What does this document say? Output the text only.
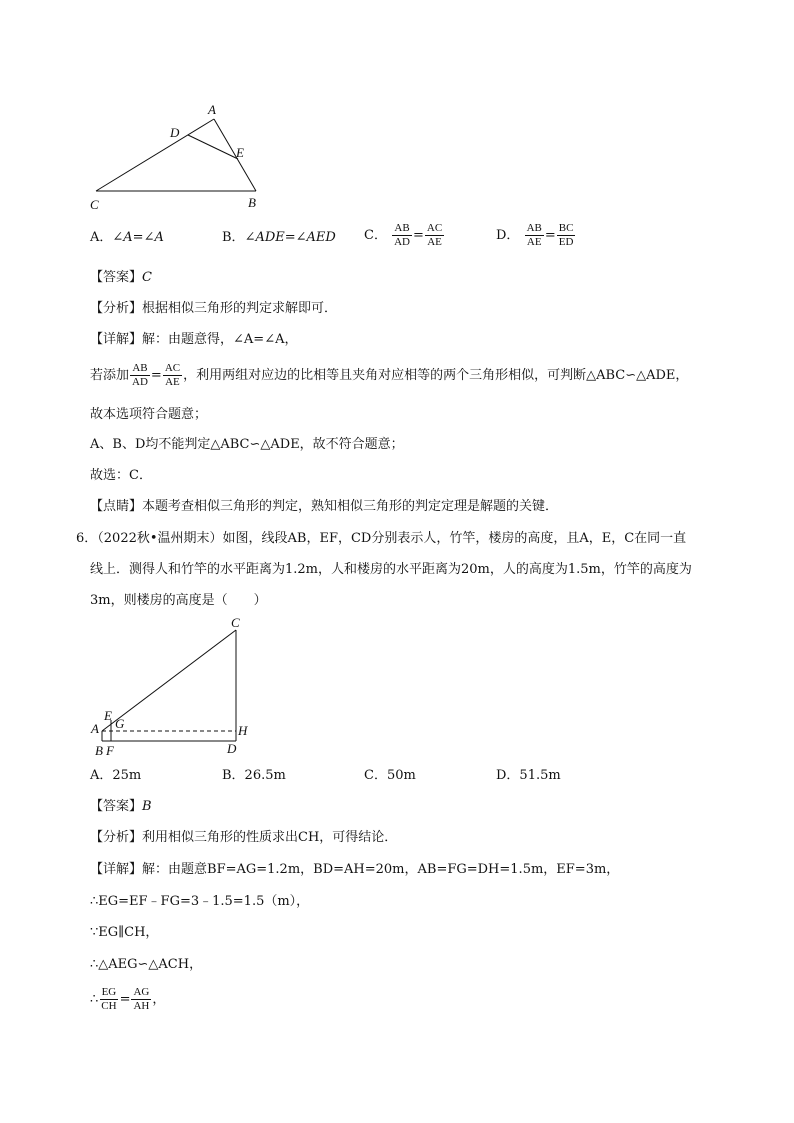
A
D
E
C	B
A．∠A=∠A	B．∠ADE=∠AED C． $\frac{AB}{AD} = \frac{AC}{AE}$	D． $\frac{AB}{AE} = \frac{BC}{ED}$
【答案】C
【分析】根据相似三角形的判定求解即可．
【详解】解：由题意得，∠A=∠A，
若添加 $\frac{AB}{AD} = \frac{AC}{AE}$ ，利用两组对应边的比相等且夹角对应相等的两个三角形相似，可判断△ABC∽△ADE，
故本选项符合题意；
A、B、D均不能判定△ABC∽△ADE，故不符合题意；
故选：C．
【点睛】本题考查相似三角形的判定，熟知相似三角形的判定定理是解题的关键．
6．（2022秋•温州期末）如图，线段AB，EF，CD分别表示人，竹竿，楼房的高度，且A，E，C在同一直
线上．测得人和竹竿的水平距离为1.2m，人和楼房的水平距离为20m，人的高度为1.5m，竹竿的高度为
3m，则楼房的高度是（　　）
C
E
G
A	H
B F	D
A．25m	B．26.5m	C．50m	D．51.5m
【答案】B
【分析】利用相似三角形的性质求出CH，可得结论．
【详解】解：由题意BF=AG=1.2m，BD=AH=20m，AB=FG=DH=1.5m，EF=3m，
∴EG=EF﹣FG=3﹣1.5=1.5（m），
∵EG∥CH，
∴△AEG∽△ACH，
∴ $\frac{EG}{CH} = \frac{AG}{AH}$ ，
